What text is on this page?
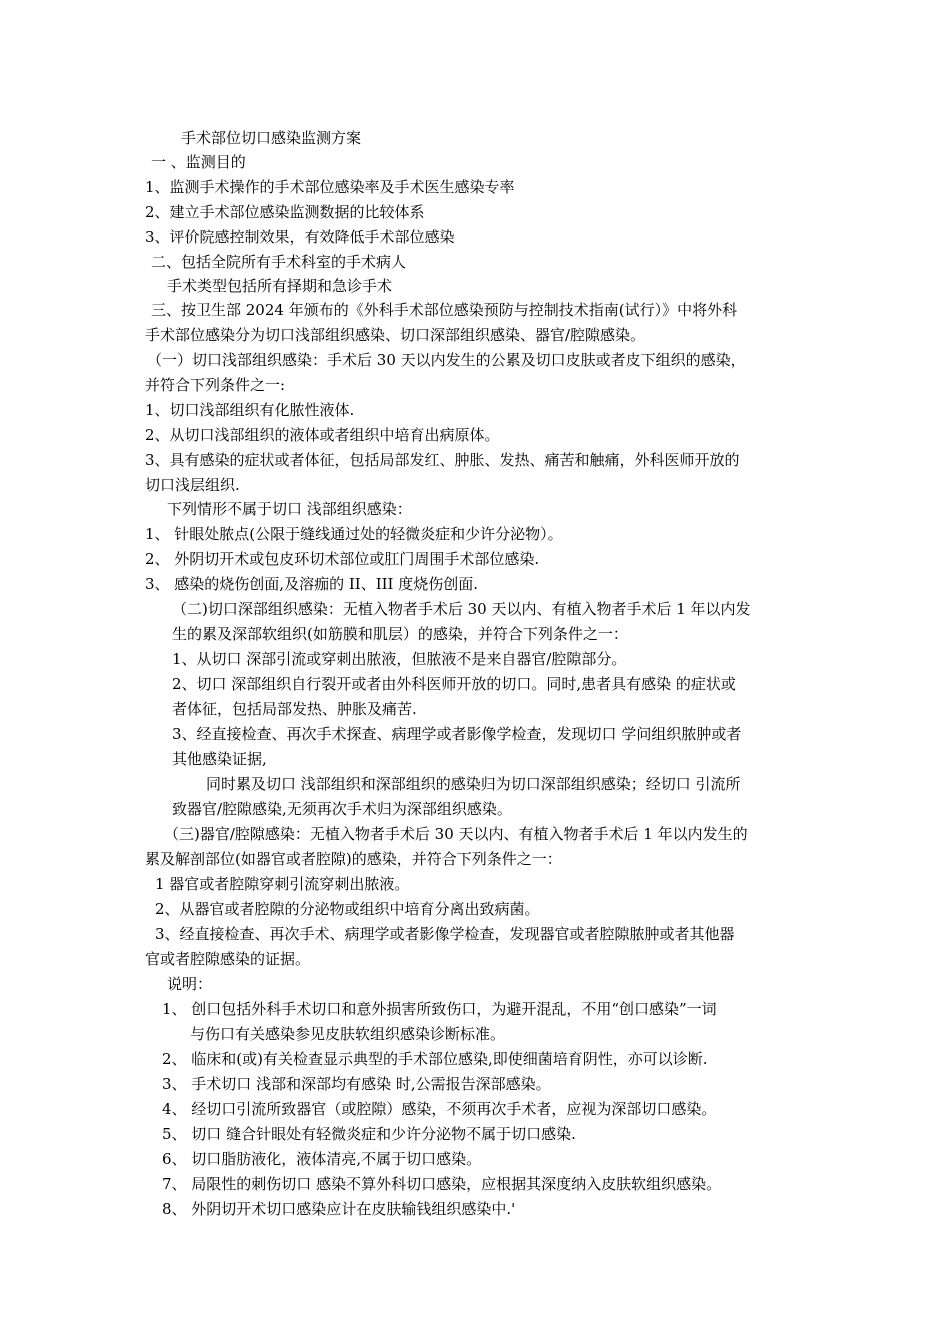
手术部位切口感染监测方案
一 、监测目的
1、监测手术操作的手术部位感染率及手术医生感染专率
2、建立手术部位感染监测数据的比较体系
3、评价院感控制效果，有效降低手术部位感染
二、包括全院所有手术科室的手术病人
手术类型包括所有择期和急诊手术
三、按卫生部 2024 年颁布的《外科手术部位感染预防与控制技术指南(试行）》中将外科
手术部位感染分为切口浅部组织感染、切口深部组织感染、器官/腔隙感染。
（一）切口浅部组织感染：手术后 30 天以内发生的公累及切口皮肤或者皮下组织的感染，
并符合下列条件之一:
1、切口浅部组织有化脓性液体.
2、从切口浅部组织的液体或者组织中培育出病原体。
3、具有感染的症状或者体征，包括局部发红、肿胀、发热、痛苦和触痛，外科医师开放的
切口浅层组织.
下列情形不属于切口 浅部组织感染：
1、 针眼处脓点(公限于缝线通过处的轻微炎症和少许分泌物）。
2、 外阴切开术或包皮环切术部位或肛门周围手术部位感染.
3、 感染的烧伤创面,及溶痂的 II、III 度烧伤创面.
（二)切口深部组织感染：无植入物者手术后 30 天以内、有植入物者手术后 1 年以内发
生的累及深部软组织(如筋膜和肌层）的感染，并符合下列条件之一：
1、从切口 深部引流或穿刺出脓液，但脓液不是来自器官/腔隙部分。
2、切口 深部组织自行裂开或者由外科医师开放的切口。同时,患者具有感染 的症状或
者体征，包括局部发热、肿胀及痛苦.
3、经直接检查、再次手术探查、病理学或者影像学检查，发现切口 学问组织脓肿或者
其他感染证据,
同时累及切口 浅部组织和深部组织的感染归为切口深部组织感染；经切口 引流所
致器官/腔隙感染,无须再次手术归为深部组织感染。
（三)器官/腔隙感染：无植入物者手术后 30 天以内、有植入物者手术后 1 年以内发生的
累及解剖部位(如器官或者腔隙)的感染，并符合下列条件之一：
1 器官或者腔隙穿刺引流穿刺出脓液。
2、从器官或者腔隙的分泌物或组织中培育分离出致病菌。
3、经直接检查、再次手术、病理学或者影像学检查，发现器官或者腔隙脓肿或者其他器
官或者腔隙感染的证据。
说明：
1、 创口包括外科手术切口和意外损害所致伤口，为避开混乱，不用“创口感染”一词
与伤口有关感染参见皮肤软组织感染诊断标准。
2、 临床和(或)有关检查显示典型的手术部位感染,即使细菌培育阴性，亦可以诊断.
3、 手术切口 浅部和深部均有感染 时,公需报告深部感染。
4、 经切口引流所致器官（或腔隙）感染，不须再次手术者，应视为深部切口感染。
5、 切口 缝合针眼处有轻微炎症和少许分泌物不属于切口感染.
6、 切口脂肪液化，液体清亮,不属于切口感染。
7、 局限性的刺伤切口 感染不算外科切口感染，应根据其深度纳入皮肤软组织感染。
8、 外阴切开术切口感染应计在皮肤输钱组织感染中.'
